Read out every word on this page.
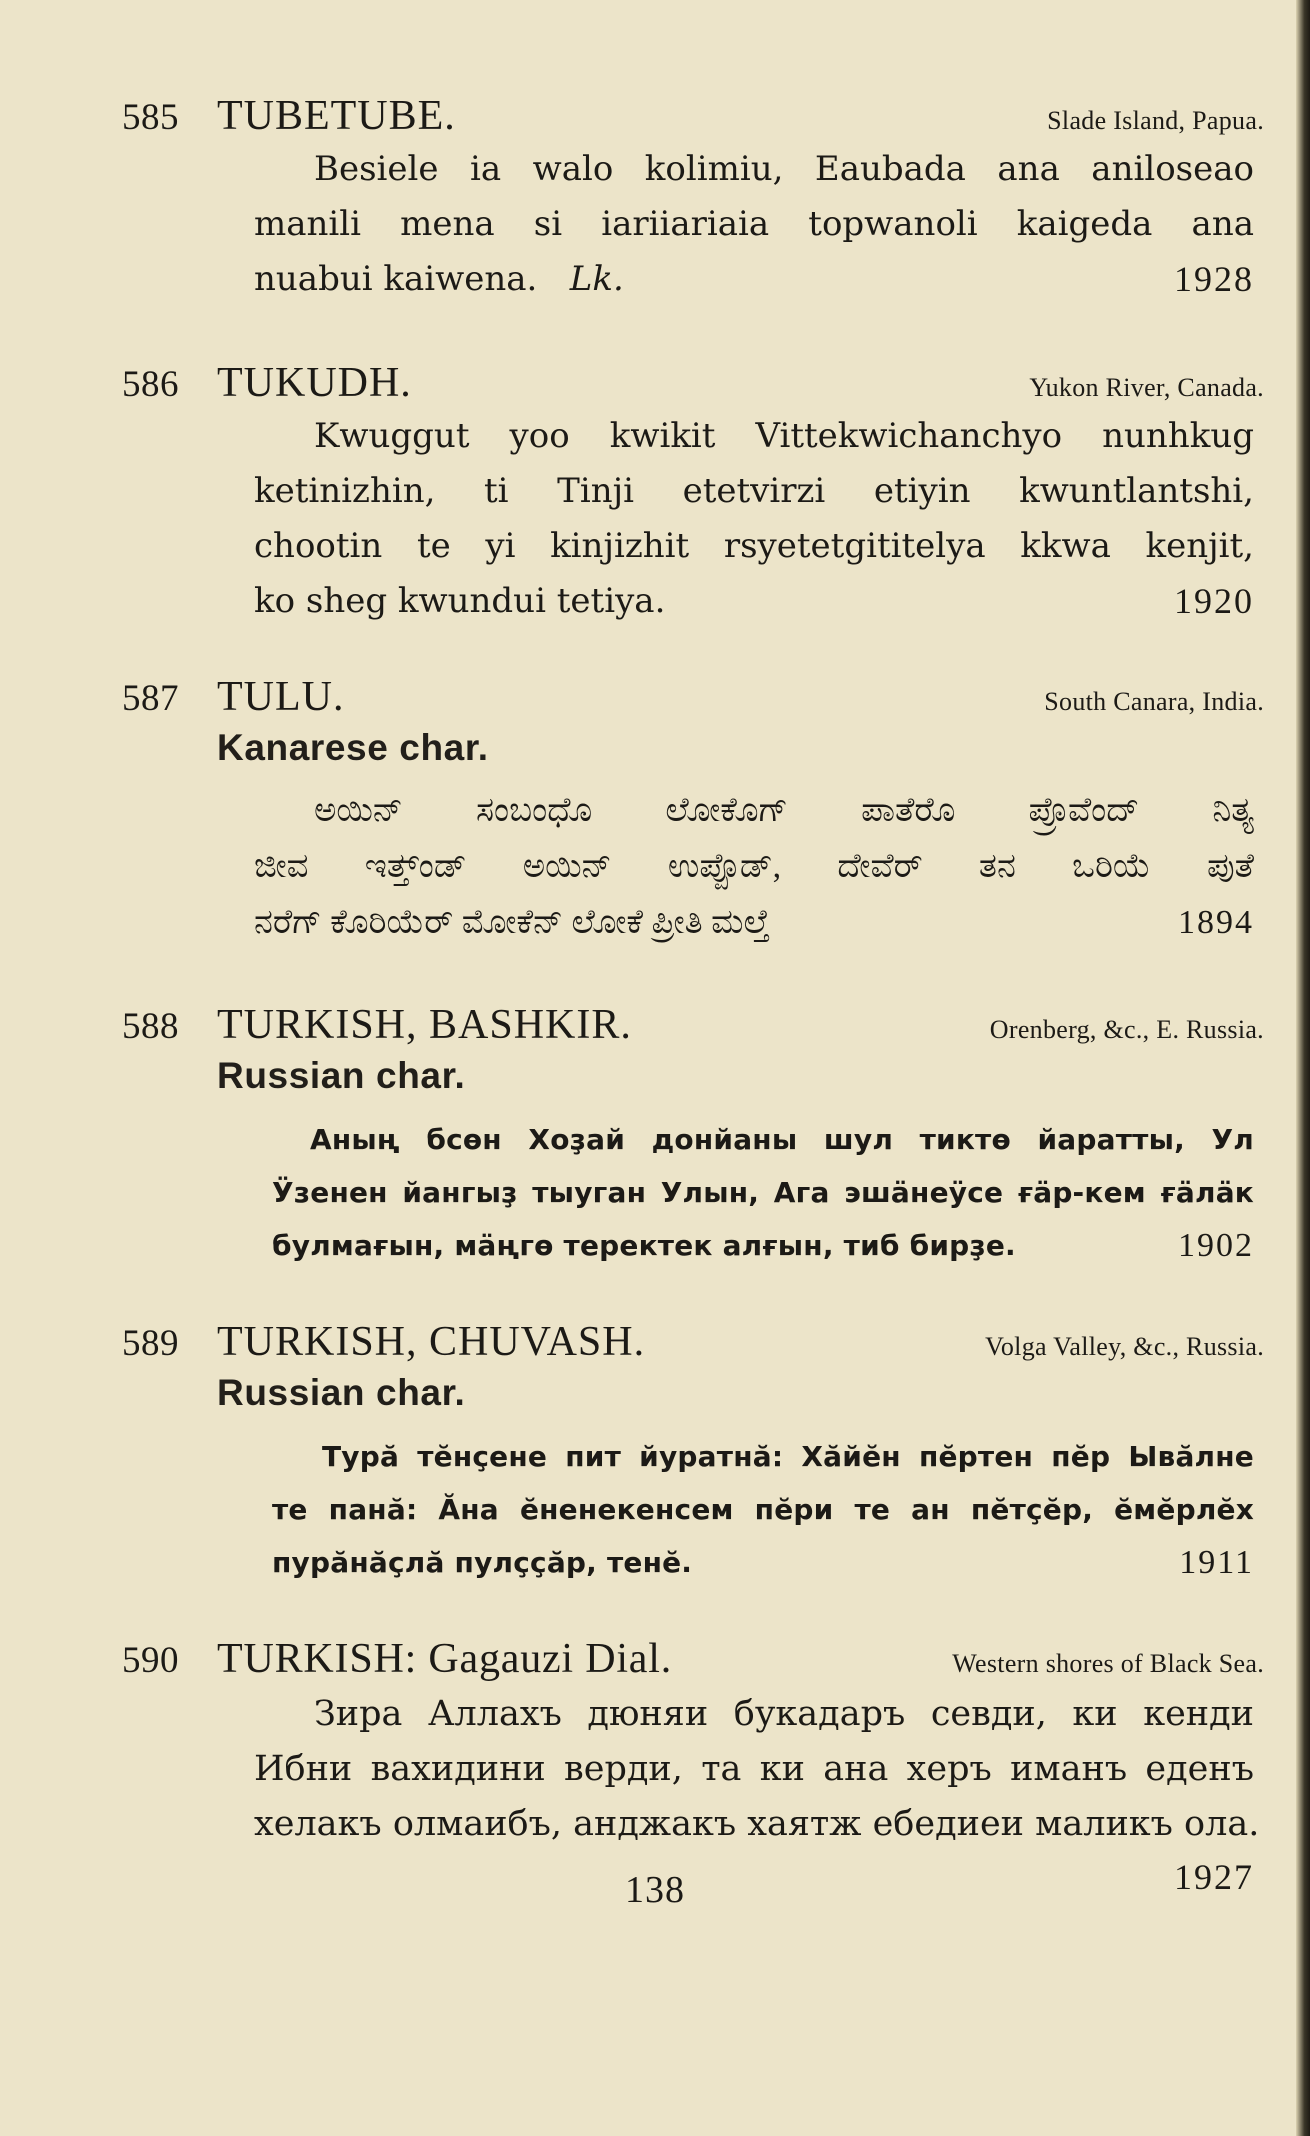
585 TUBETUBE.	Slade Island, Papua.
Besiele ia walo kolimiu, Eaubada ana aniloseao
manili mena si iariiariaia topwanoli kaigeda ana
nuabui kaiwena. Lk.	1928
586 TUKUDH.	Yukon River, Canada.
Kwuggut yoo kwikit Vittekwichanchyo nunhkug
ketinizhin, ti Tinji etetvirzi etiyin kwuntlantshi,
chootin te yi kinjizhit rsyetetgititelya kkwa kenjit,
ko sheg kwundui tetiya.	1920
587 TULU.	South Canara, India.
Kanarese char.
ಅಯಿನ್ ಸಂಬಂಧೊ ಲೋಕೊಗ್ ಪಾತೆರೊ ಪ್ರೊವೆಂದ್ ನಿತ್ಯ
ಜೀವ ಇತ್ತ್‌ಂಡ್ ಅಯಿನ್ ಉಪ್ಪೊಡ್, ದೇವೆರ್ ತನ ಒರಿಯೆ ಪುತೆ
ನರೆಗ್ ಕೊರಿಯೆರ್ ಮೋಕೆನ್ ಲೋಕೆ ಪ್ರೀತಿ ಮಲ್ತೆ	1894
588 TURKISH, BASHKIR.	Orenberg, &c., E. Russia.
Russian char.
Аның бсөн Хоҙай донйаны шул тиктө йаратты, Ул
Ӱзенен йангыҙ тыуган Улын, Ага эшӓнеӱсе ғӓр-кем ғӓлӓк
булмағын, мӓңгө теректек алғын, тиб бирҙе.	1902
589 TURKISH, CHUVASH.	Volga Valley, &c., Russia.
Russian char.
Турӑ тӗнҫене пит йуратнӑ: Хӑйӗн пӗртен пӗр Ывӑлне
те панӑ: Ӑна ӗненекенсем пӗри те ан пӗтҫӗр, ӗмӗрлӗх
пурӑнӑҫлӑ пулҫҫӑр, тенӗ.	1911
590 TURKISH: Gagauzi Dial.	Western shores of Black Sea.
Зира Аллахъ дюняи букадаръ севди, ки кенди
Ибни вахидини верди, та ки ана херъ иманъ еденъ
хелакъ олмаибъ, анджакъ хаятж ебедиеи маликъ ола.
1927
138
